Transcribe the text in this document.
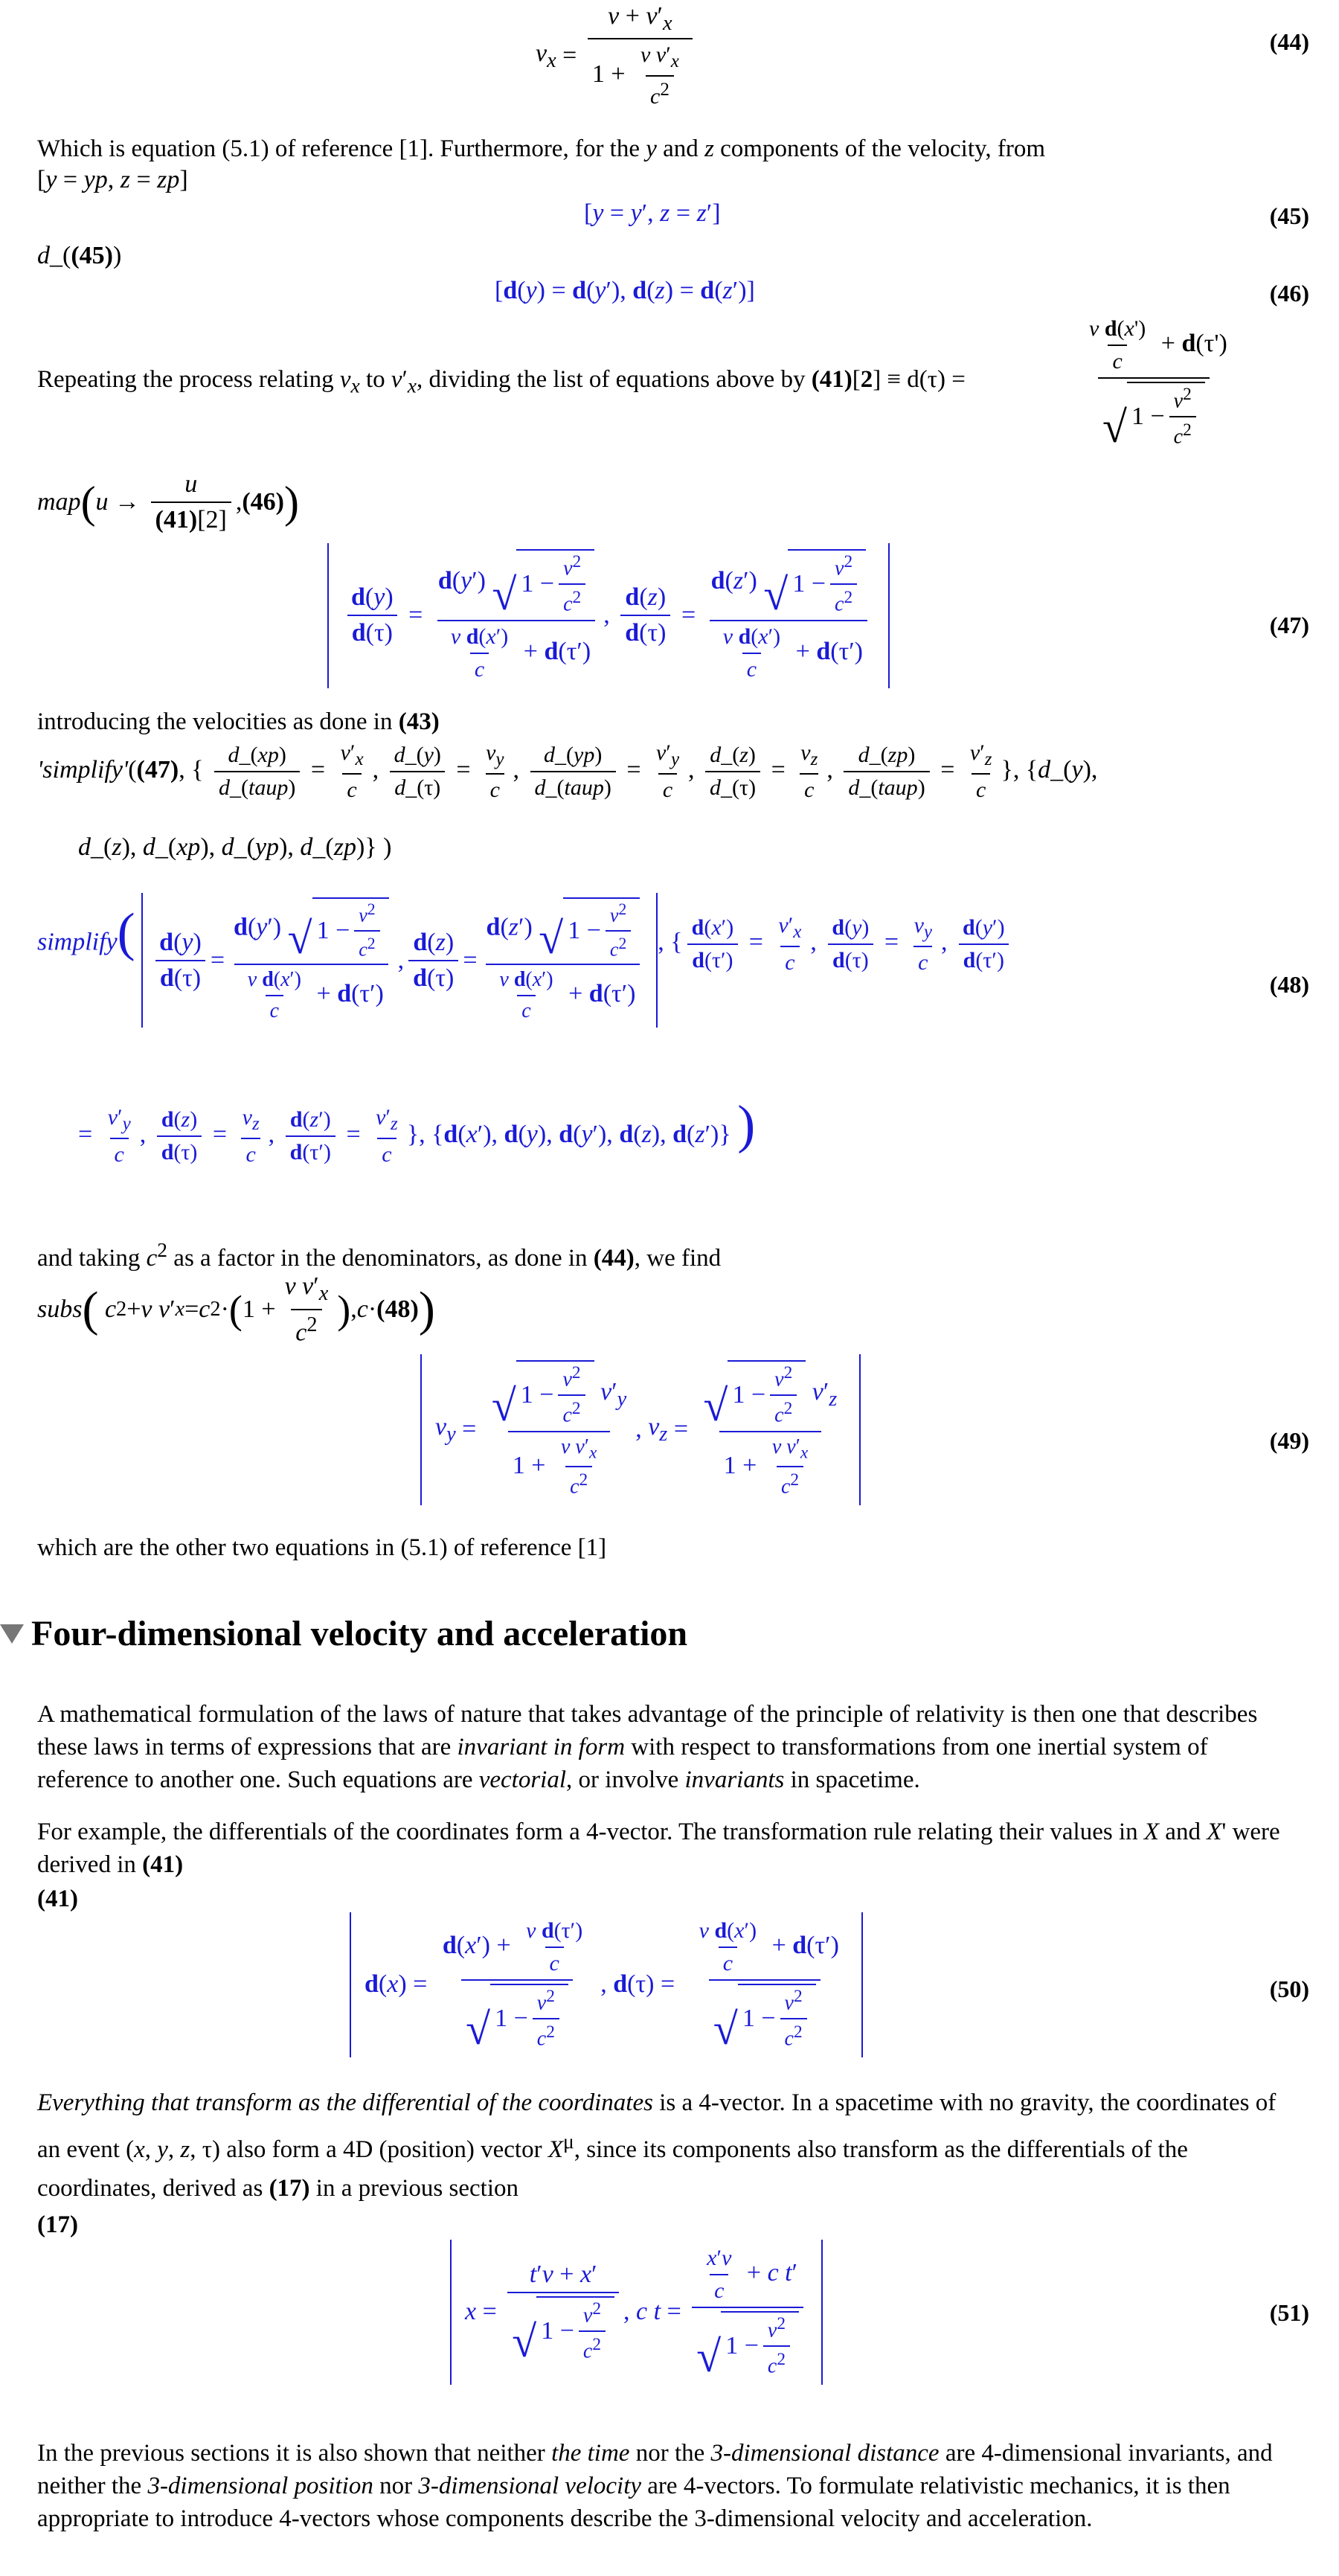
$v_x = \frac{v + v'_x}{1 + \frac{v v'_x}{c^2}}$	(44)
Which is equation (5.1) of reference [1]. Furthermore, for the y and z components of the velocity, from
[y = yp, z = zp]
[y = y′, z = z′]	(45)
d_((45))
[d(y) = d(y′), d(z) = d(z′)]	(46)
Repeating the process relating $v_x$ to $v'_x$, dividing the list of equations above by (41)[2] ≡ d(τ) =	$\frac{\frac{\text{v d(x')}}{c} + d(\tau')}{√ 1 - \frac{v^2}{c^2}}$
map ( $u \to \frac{u}{(41)[2]}$ , (46) )
$\frac{d(y)}{d(\tau)} = \frac{d(y') √ 1 - \frac{v^2}{c^2}}{\frac{\text{v d(x′)}}{c} + d(\tau')}$ , $\frac{d(z)}{d(\tau)} = \frac{d(z') √ 1 - \frac{v^2}{c^2}}{\frac{\text{v d(x′)}}{c} + d(\tau')}$	(47)
introducing the velocities as done in (43)
'simplify'((47), { $\frac{d\_(xp)}{\text{d\_(taup)}} = \frac{v'_x}{c}$ , $\frac{d\_(y)}{d\_(\tau)} = \frac{v_y}{c}$ , $\frac{d\_(yp)}{\text{d\_(taup)}} = \frac{v'_y}{c}$ , $\frac{d\_(z)}{d\_(\tau)} = \frac{v_z}{c}$ , $\frac{d\_(zp)}{\text{d\_(taup)}} = \frac{v'_z}{c}$ }, {d_(y),
d_(z), d_(xp), d_(yp), d_(zp)} )
simplify( $\frac{d(y)}{d(\tau)} = \frac{d(y') √ 1 - \frac{v^2}{c^2}}{\frac{\text{v d(x′)}}{c} + d(\tau')}$ , $\frac{d(z)}{d(\tau)} = \frac{d(z') √ 1 - \frac{v^2}{c^2}}{\frac{\text{v d(x′)}}{c} + d(\tau')}$ , { $\frac{d(x')}{d(\tau')} = \frac{v'_x}{c}$ , $\frac{d(y)}{d(\tau)} = \frac{v_y}{c}$ , $\frac{d(y')}{d(\tau')}$
(48)
= $\frac{v'_y}{c}$ , $\frac{d(z)}{d(\tau)} = \frac{v_z}{c}$ , $\frac{d(z')}{d(\tau')} = \frac{v'_z}{c}$ }, {d(x′), d(y), d(y′), d(z), d(z′)} )
and taking $c^2$ as a factor in the denominators, as done in (44), we find
subs (
c 2 + v v ′ x = c 2 · ( $1 + \frac{v v'_x}{c^2}$ ) , c · (48) )
$v_y = \frac{√ 1 - \frac{v^2}{c^2} v'_y}{1 + \frac{v v'_x}{c^2}}$ , $v_z = \frac{√ 1 - \frac{v^2}{c^2} v'_z}{1 + \frac{v v'_x}{c^2}}$	(49)
which are the other two equations in (5.1) of reference [1]
Four-dimensional velocity and acceleration
A mathematical formulation of the laws of nature that takes advantage of the principle of relativity is then one that describes these laws in terms of expressions that are invariant in form with respect to transformations from one inertial system of reference to another one. Such equations are vectorial, or involve invariants in spacetime.
For example, the differentials of the coordinates form a 4-vector. The transformation rule relating their values in X and X' were derived in (41)
(41)
d ( x ) = $\frac{d(x') + \frac{\text{v d(τ′)}}{c}}{√ 1 - \frac{v^2}{c^2}}$ , d $(\tau) = \frac{\frac{\text{v d(x′)}}{c} + d(\tau')}{√ 1 - \frac{v^2}{c^2}}$	(50)
Everything that transform as the differential of the coordinates is a 4-vector. In a spacetime with no gravity, the coordinates of an event (x, y, z, τ) also form a 4D (position) vector $X^\mu$, since its components also transform as the differentials of the coordinates, derived as (17) in a previous section
(17)
$x = \frac{t'v + x'}{√ 1 - \frac{v^2}{c^2}}$ , c $t = \frac{\frac{x'v}{c} + c t'}{√ 1 - \frac{v^2}{c^2}}$	(51)
In the previous sections it is also shown that neither the time nor the 3-dimensional distance are 4-dimensional invariants, and neither the 3-dimensional position nor 3-dimensional velocity are 4-vectors. To formulate relativistic mechanics, it is then appropriate to introduce 4-vectors whose components describe the 3-dimensional velocity and acceleration.
